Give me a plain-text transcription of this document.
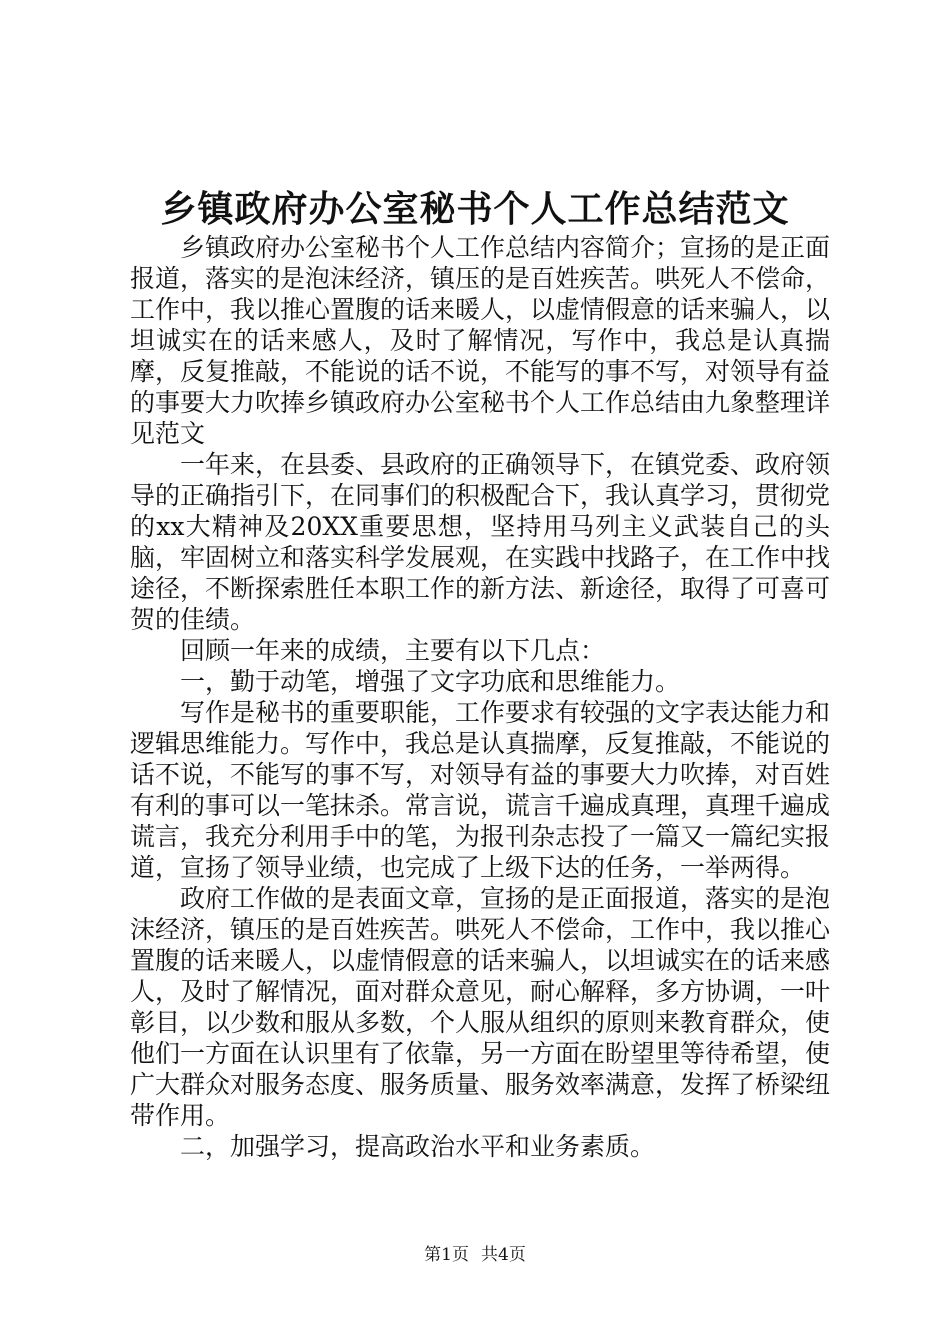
乡镇政府办公室秘书个人工作总结范文

乡镇政府办公室秘书个人工作总结内容简介；宣扬的是正面报道，落实的是泡沫经济，镇压的是百姓疾苦。哄死人不偿命，工作中，我以推心置腹的话来暖人，以虚情假意的话来骗人，以坦诚实在的话来感人，及时了解情况，写作中，我总是认真揣摩，反复推敲，不能说的话不说，不能写的事不写，对领导有益的事要大力吹捧乡镇政府办公室秘书个人工作总结由九象整理详见范文

一年来，在县委、县政府的正确领导下，在镇党委、政府领导的正确指引下，在同事们的积极配合下，我认真学习，贯彻党的xx大精神及20XX重要思想，坚持用马列主义武装自己的头脑，牢固树立和落实科学发展观，在实践中找路子，在工作中找途径，不断探索胜任本职工作的新方法、新途径，取得了可喜可贺的佳绩。

回顾一年来的成绩，主要有以下几点：

一，勤于动笔，增强了文字功底和思维能力。

写作是秘书的重要职能，工作要求有较强的文字表达能力和逻辑思维能力。写作中，我总是认真揣摩，反复推敲，不能说的话不说，不能写的事不写，对领导有益的事要大力吹捧，对百姓有利的事可以一笔抹杀。常言说，谎言千遍成真理，真理千遍成谎言，我充分利用手中的笔，为报刊杂志投了一篇又一篇纪实报道，宣扬了领导业绩，也完成了上级下达的任务，一举两得。

政府工作做的是表面文章，宣扬的是正面报道，落实的是泡沫经济，镇压的是百姓疾苦。哄死人不偿命，工作中，我以推心置腹的话来暖人，以虚情假意的话来骗人，以坦诚实在的话来感人，及时了解情况，面对群众意见，耐心解释，多方协调，一叶彰目，以少数和服从多数，个人服从组织的原则来教育群众，使他们一方面在认识里有了依靠，另一方面在盼望里等待希望，使广大群众对服务态度、服务质量、服务效率满意，发挥了桥梁纽带作用。

二，加强学习，提高政治水平和业务素质。

第1页 共4页
